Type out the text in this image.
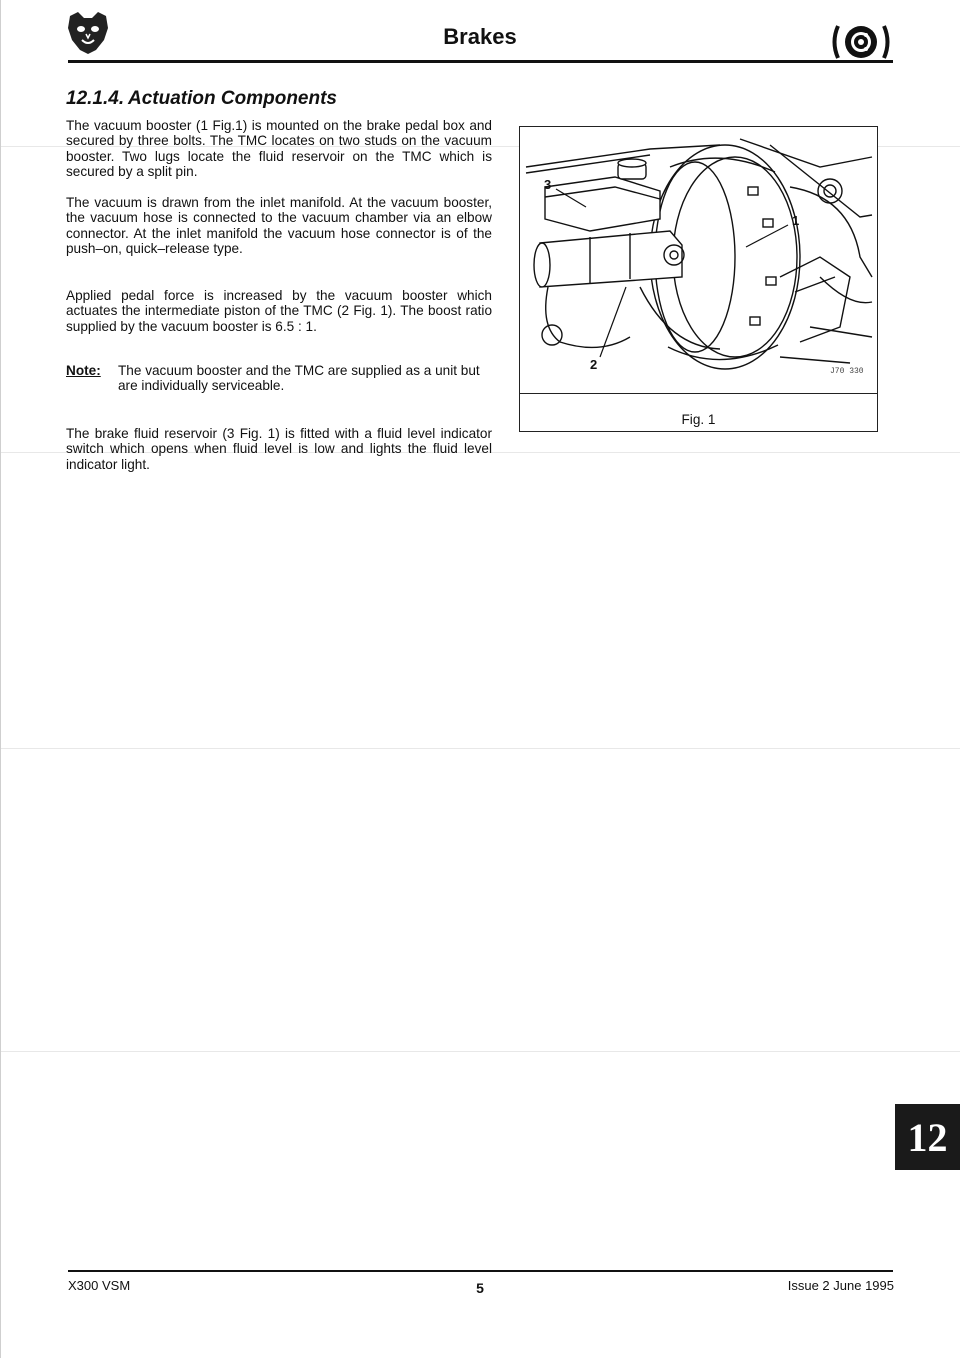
Brakes
12.1.4. Actuation Components

The vacuum booster (1 Fig.1) is mounted on the brake pedal box and secured by three bolts. The TMC locates on two studs on the vacuum booster. Two lugs locate the fluid reservoir on the TMC which is secured by a split pin.

The vacuum is drawn from the inlet manifold. At the vacuum booster, the vacuum hose is connected to the vacuum chamber via an elbow connector. At the inlet manifold the vacuum hose connector is of the push–on, quick–release type.

Applied pedal force is increased by the vacuum booster which actuates the intermediate piston of the TMC (2 Fig. 1). The boost ratio supplied by the vacuum booster is 6.5 : 1.

Note:	The vacuum booster and the TMC are supplied as a unit but are individually serviceable.

The brake fluid reservoir (3 Fig. 1) is fitted with a fluid level indicator switch which opens when fluid level is low and lights the fluid level indicator light.

3
1
2	J70 330
Fig. 1
12
X300 VSM	5	Issue 2 June 1995
